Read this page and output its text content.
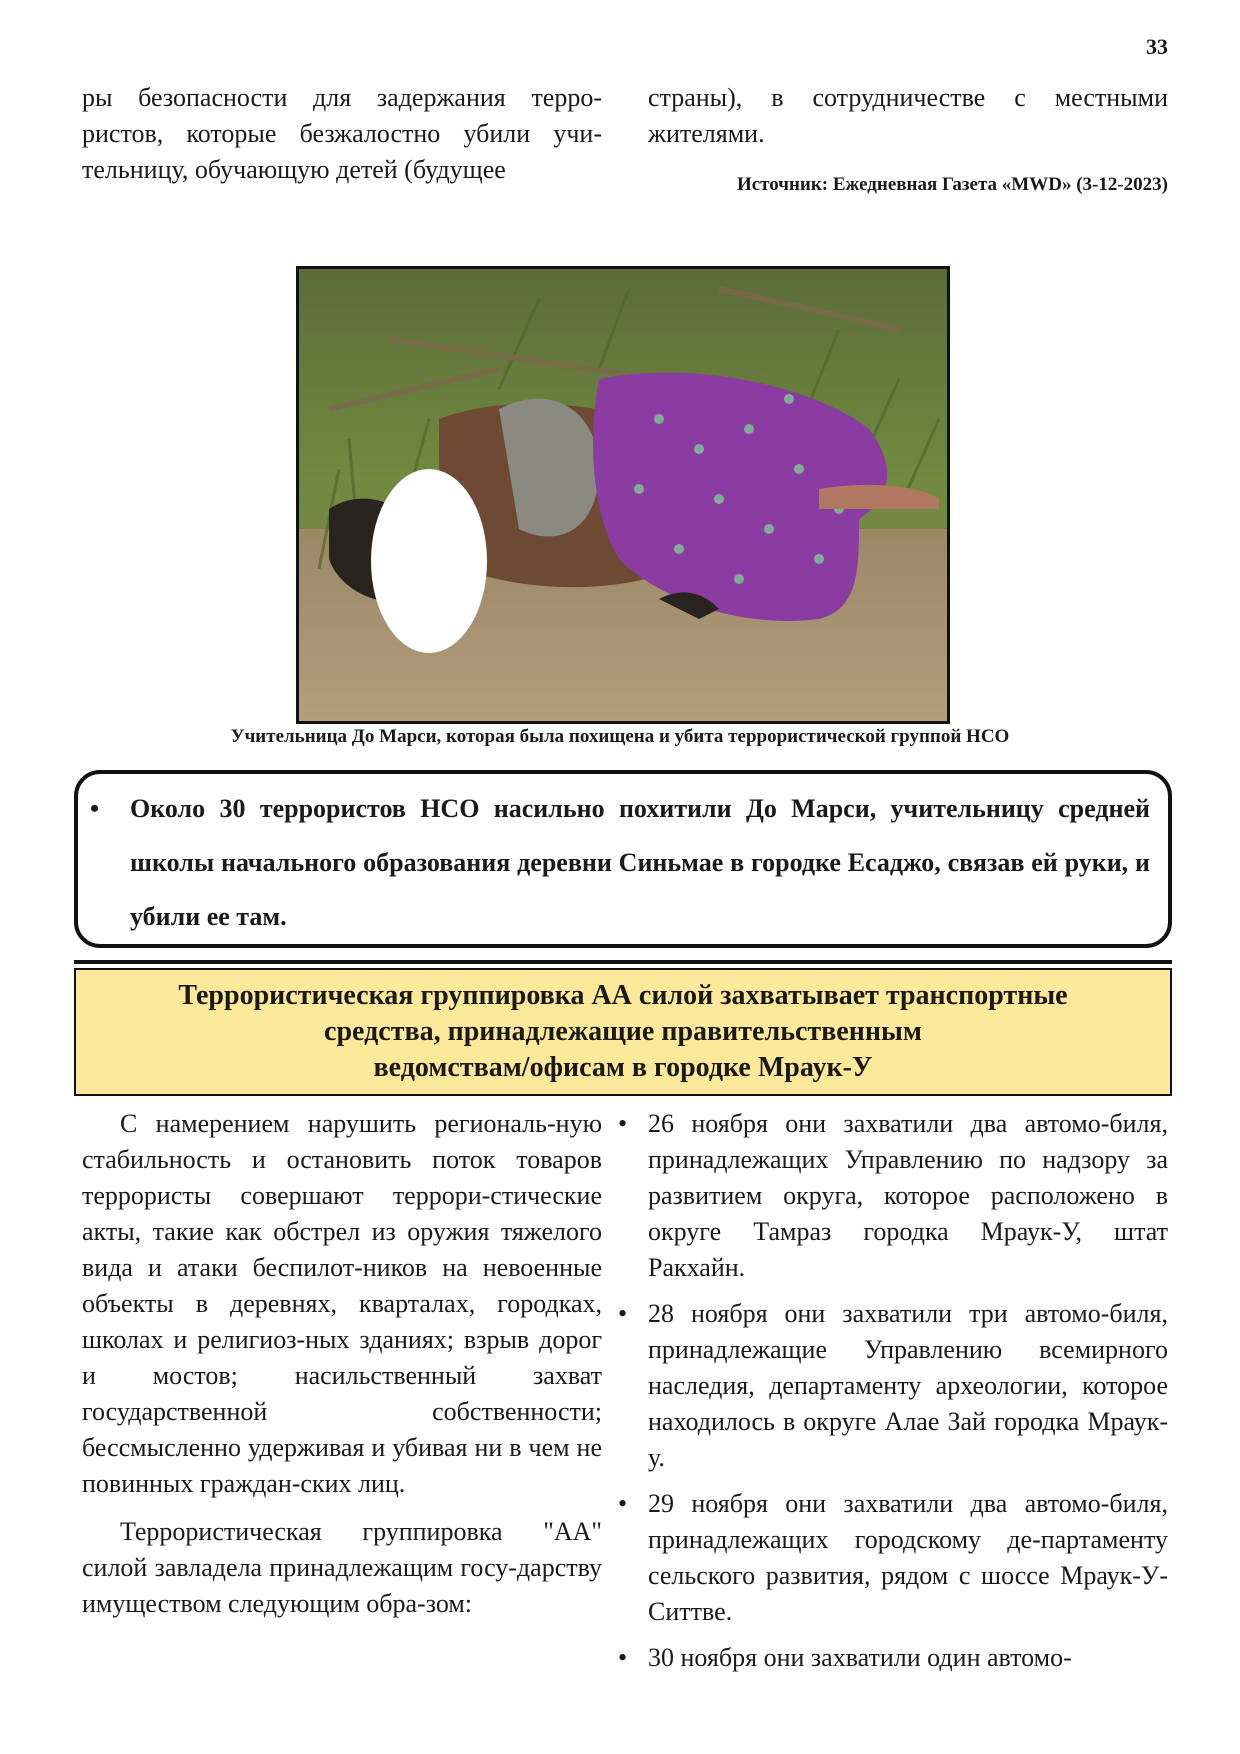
33
ры безопасности для задержания терро-ристов, которые безжалостно убили учи-тельницу, обучающую детей (будущее
страны), в сотрудничестве с местными жителями.
Источник: Ежедневная Газета «MWD» (3-12-2023)
Учительница До Марси, которая была похищена и убита террористической группой НСО
• Около 30 террористов НСО насильно похитили До Марси, учительницу средней школы начального образования деревни Синьмае в городке Есаджо, связав ей руки, и убили ее там.
Террористическая группировка АА силой захватывает транспортные
средства, принадлежащие правительственным
ведомствам/офисам в городке Мраук-У

С намерением нарушить региональ-ную стабильность и остановить поток товаров террористы совершают террори-стические акты, такие как обстрел из оружия тяжелого вида и атаки беспилот-ников на невоенные объекты в деревнях, кварталах, городках, школах и религиоз-ных зданиях; взрыв дорог и мостов; насильственный захват государственной собственности; бессмысленно удерживая и убивая ни в чем не повинных граждан-ских лиц.

Террористическая группировка "АА" силой завладела принадлежащим госу-дарству имуществом следующим обра-зом:

• 26 ноября они захватили два автомо-биля, принадлежащих Управлению по надзору за развитием округа, которое расположено в округе Тамраз городка Мраук-У, штат Ракхайн.
• 28 ноября они захватили три автомо-биля, принадлежащие Управлению всемирного наследия, департаменту археологии, которое находилось в округе Алае Зай городка Мраук-у.
• 29 ноября они захватили два автомо-биля, принадлежащих городскому де-партаменту сельского развития, рядом с шоссе Мраук-У-Ситтве.
• 30 ноября они захватили один автомо-
